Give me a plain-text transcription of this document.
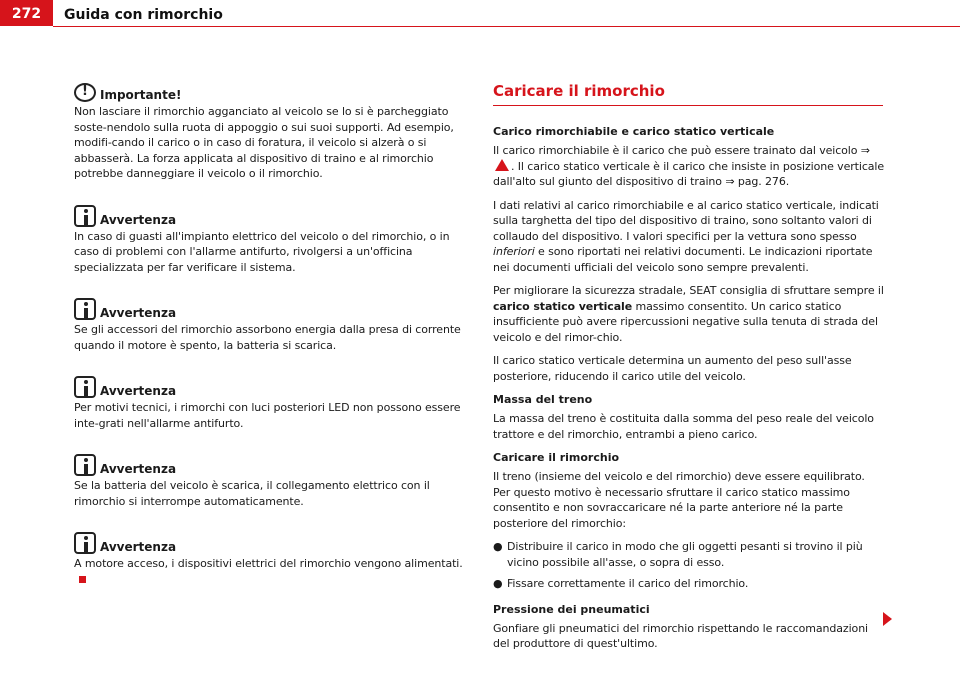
272	Guida con rimorchio
!
Importante!

Non lasciare il rimorchio agganciato al veicolo se lo si è parcheggiato soste-nendolo sulla ruota di appoggio o sui suoi supporti. Ad esempio, modifi-cando il carico o in caso di foratura, il veicolo si alzerà o si abbasserà. La forza applicata al dispositivo di traino e al rimorchio potrebbe danneggiare il veicolo o il rimorchio.

Avvertenza

In caso di guasti all'impianto elettrico del veicolo o del rimorchio, o in caso di problemi con l'allarme antifurto, rivolgersi a un'officina specializzata per far verificare il sistema.

Avvertenza

Se gli accessori del rimorchio assorbono energia dalla presa di corrente quando il motore è spento, la batteria si scarica.

Avvertenza

Per motivi tecnici, i rimorchi con luci posteriori LED non possono essere inte-grati nell'allarme antifurto.

Avvertenza

Se la batteria del veicolo è scarica, il collegamento elettrico con il rimorchio si interrompe automaticamente.

Avvertenza

A motore acceso, i dispositivi elettrici del rimorchio vengono alimentati.

Caricare il rimorchio
Carico rimorchiabile e carico statico verticale

Il carico rimorchiabile è il carico che può essere trainato dal veicolo ⇒ . Il carico statico verticale è il carico che insiste in posizione verticale dall'alto sul giunto del dispositivo di traino ⇒ pag. 276.

I dati relativi al carico rimorchiabile e al carico statico verticale, indicati sulla targhetta del tipo del dispositivo di traino, sono soltanto valori di collaudo del dispositivo. I valori specifici per la vettura sono spesso inferiori e sono riportati nei relativi documenti. Le indicazioni riportate nei documenti ufficiali del veicolo sono sempre prevalenti.

Per migliorare la sicurezza stradale, SEAT consiglia di sfruttare sempre il carico statico verticale massimo consentito. Un carico statico insufficiente può avere ripercussioni negative sulla tenuta di strada del veicolo e del rimor-chio.

Il carico statico verticale determina un aumento del peso sull'asse posteriore, riducendo il carico utile del veicolo.

Massa del treno

La massa del treno è costituita dalla somma del peso reale del veicolo trattore e del rimorchio, entrambi a pieno carico.

Caricare il rimorchio

Il treno (insieme del veicolo e del rimorchio) deve essere equilibrato. Per questo motivo è necessario sfruttare il carico statico massimo consentito e non sovraccaricare né la parte anteriore né la parte posteriore del rimorchio:

● Distribuire il carico in modo che gli oggetti pesanti si trovino il più vicino possibile all'asse, o sopra di esso.
● Fissare correttamente il carico del rimorchio.
Pressione dei pneumatici

Gonfiare gli pneumatici del rimorchio rispettando le raccomandazioni del produttore di quest'ultimo.
